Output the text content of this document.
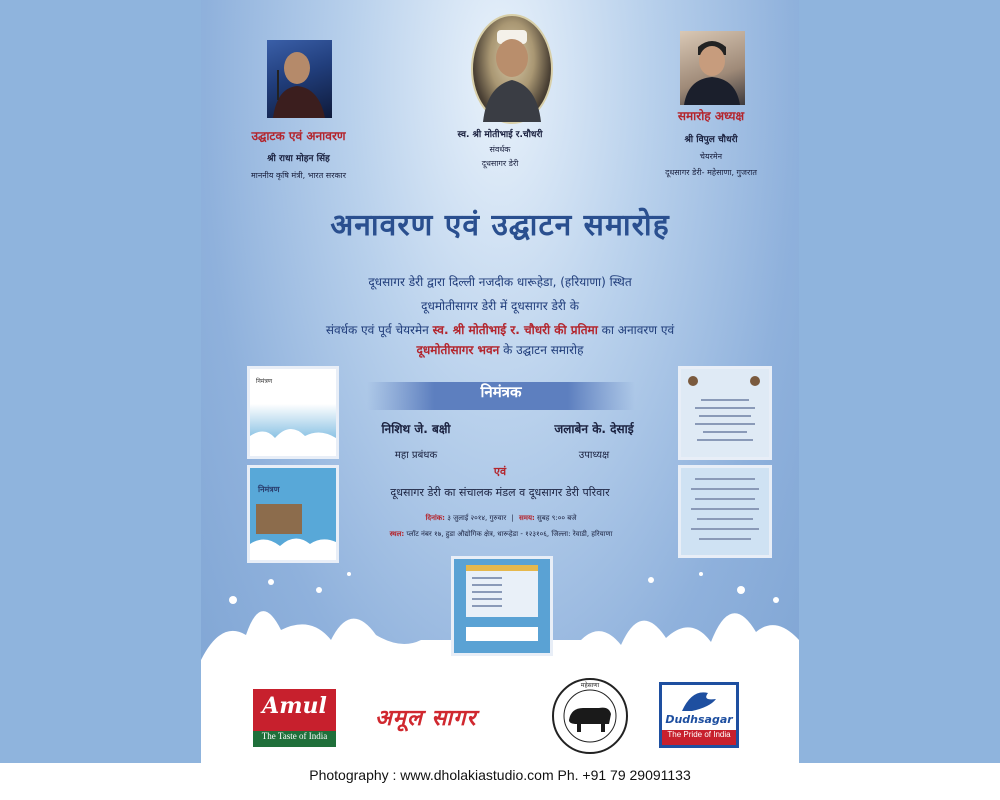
उद्घाटक एवं अनावरण
श्री राधा मोहन सिंह
माननीय कृषि मंत्री, भारत सरकार
स्व. श्री मोतीभाई र.चौधरी
संवर्धक
दूधसागर डेरी
समारोह अध्यक्ष
श्री विपुल चौधरी
चेयरमेन
दूधसागर डेरी- महेसाणा, गुजरात
अनावरण एवं उद्घाटन समारोह
दूधसागर डेरी द्वारा दिल्ली नजदीक धारूहेडा, (हरियाणा) स्थित
दूधमोतीसागर डेरी में दूधसागर डेरी के
संवर्धक एवं पूर्व चेयरमेन स्व. श्री मोतीभाई र. चौधरी की प्रतिमा का अनावरण एवं
दूधमोतीसागर भवन के उद्घाटन समारोह
निमंत्रण
निमंत्रण
निमंत्रक
निशिथ जे. बक्षी
महा प्रबंधक
जलाबेन के. देसाई
उपाध्यक्ष
एवं
दूधसागर डेरी का संचालक मंडल व दूधसागर डेरी परिवार
दिनांक: ३ जुलाई २०१४, गुरुवार | समय: सुबह ९:०० बजे
स्थल: प्लॉट नंबर १७, हुडा औद्योगिक क्षेत्र, धारूहेडा - १२३१०६, जिल्ला: रेवाडी, हरियाणा
Amul
The Taste of India
अमूल सागर
महेसाणा
Dudhsagar
The Pride of India
Photography : www.dholakiastudio.com Ph. +91 79 29091133
